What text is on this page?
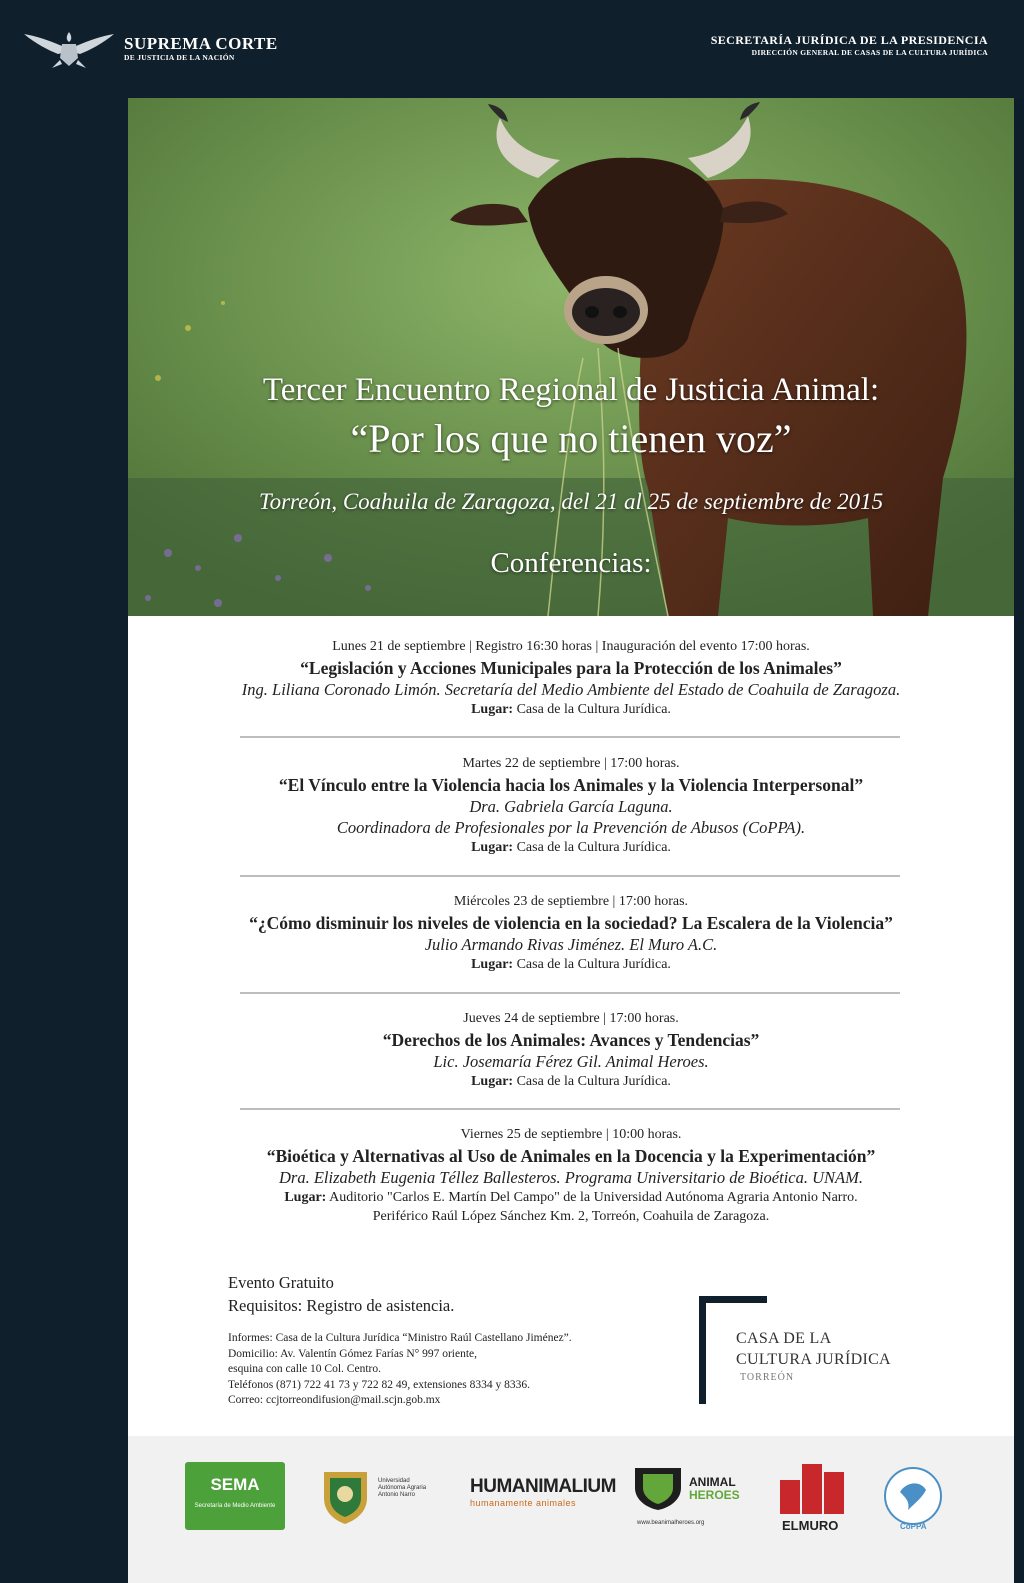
SUPREMA CORTE
DE JUSTICIA DE LA NACIÓN
SECRETARÍA JURÍDICA DE LA PRESIDENCIA
DIRECCIÓN GENERAL DE CASAS DE LA CULTURA JURÍDICA
Tercer Encuentro Regional de Justicia Animal:
“Por los que no tienen voz”
Torreón, Coahuila de Zaragoza, del 21 al 25 de septiembre de 2015
Conferencias:
Lunes 21 de septiembre | Registro 16:30 horas | Inauguración del evento 17:00 horas.
“Legislación y Acciones Municipales para la Protección de los Animales”
Ing. Liliana Coronado Limón. Secretaría del Medio Ambiente del Estado de Coahuila de Zaragoza.
Lugar: Casa de la Cultura Jurídica.
Martes 22 de septiembre | 17:00 horas.
“El Vínculo entre la Violencia hacia los Animales y la Violencia Interpersonal”
Dra. Gabriela García Laguna.
Coordinadora de Profesionales por la Prevención de Abusos (CoPPA).
Lugar: Casa de la Cultura Jurídica.
Miércoles 23 de septiembre | 17:00 horas.
“¿Cómo disminuir los niveles de violencia en la sociedad? La Escalera de la Violencia”
Julio Armando Rivas Jiménez. El Muro A.C.
Lugar: Casa de la Cultura Jurídica.
Jueves 24 de septiembre | 17:00 horas.
“Derechos de los Animales: Avances y Tendencias”
Lic. Josemaría Férez Gil. Animal Heroes.
Lugar: Casa de la Cultura Jurídica.
Viernes 25 de septiembre | 10:00 horas.
“Bioética y Alternativas al Uso de Animales en la Docencia y la Experimentación”
Dra. Elizabeth Eugenia Téllez Ballesteros. Programa Universitario de Bioética. UNAM.
Lugar: Auditorio "Carlos E. Martín Del Campo" de la Universidad Autónoma Agraria Antonio Narro.
Periférico Raúl López Sánchez Km. 2, Torreón, Coahuila de Zaragoza.
Evento Gratuito
Requisitos: Registro de asistencia.
Informes: Casa de la Cultura Jurídica “Ministro Raúl Castellano Jiménez”.
Domicilio: Av. Valentín Gómez Farías N° 997 oriente,
esquina con calle 10 Col. Centro.
Teléfonos (871) 722 41 73 y 722 82 49, extensiones 8334 y 8336.
Correo: ccjtorreondifusion@mail.scjn.gob.mx
CASA DE LA
CULTURA JURÍDICA
TORREÓN
SEMA
Secretaría de Medio Ambiente
Universidad
Autónoma Agraria
Antonio Narro	HUMANIMALIUM
humanamente animales
ANIMAL
HEROES
www.beanimalheroes.org	ELMURO	CoPPA
